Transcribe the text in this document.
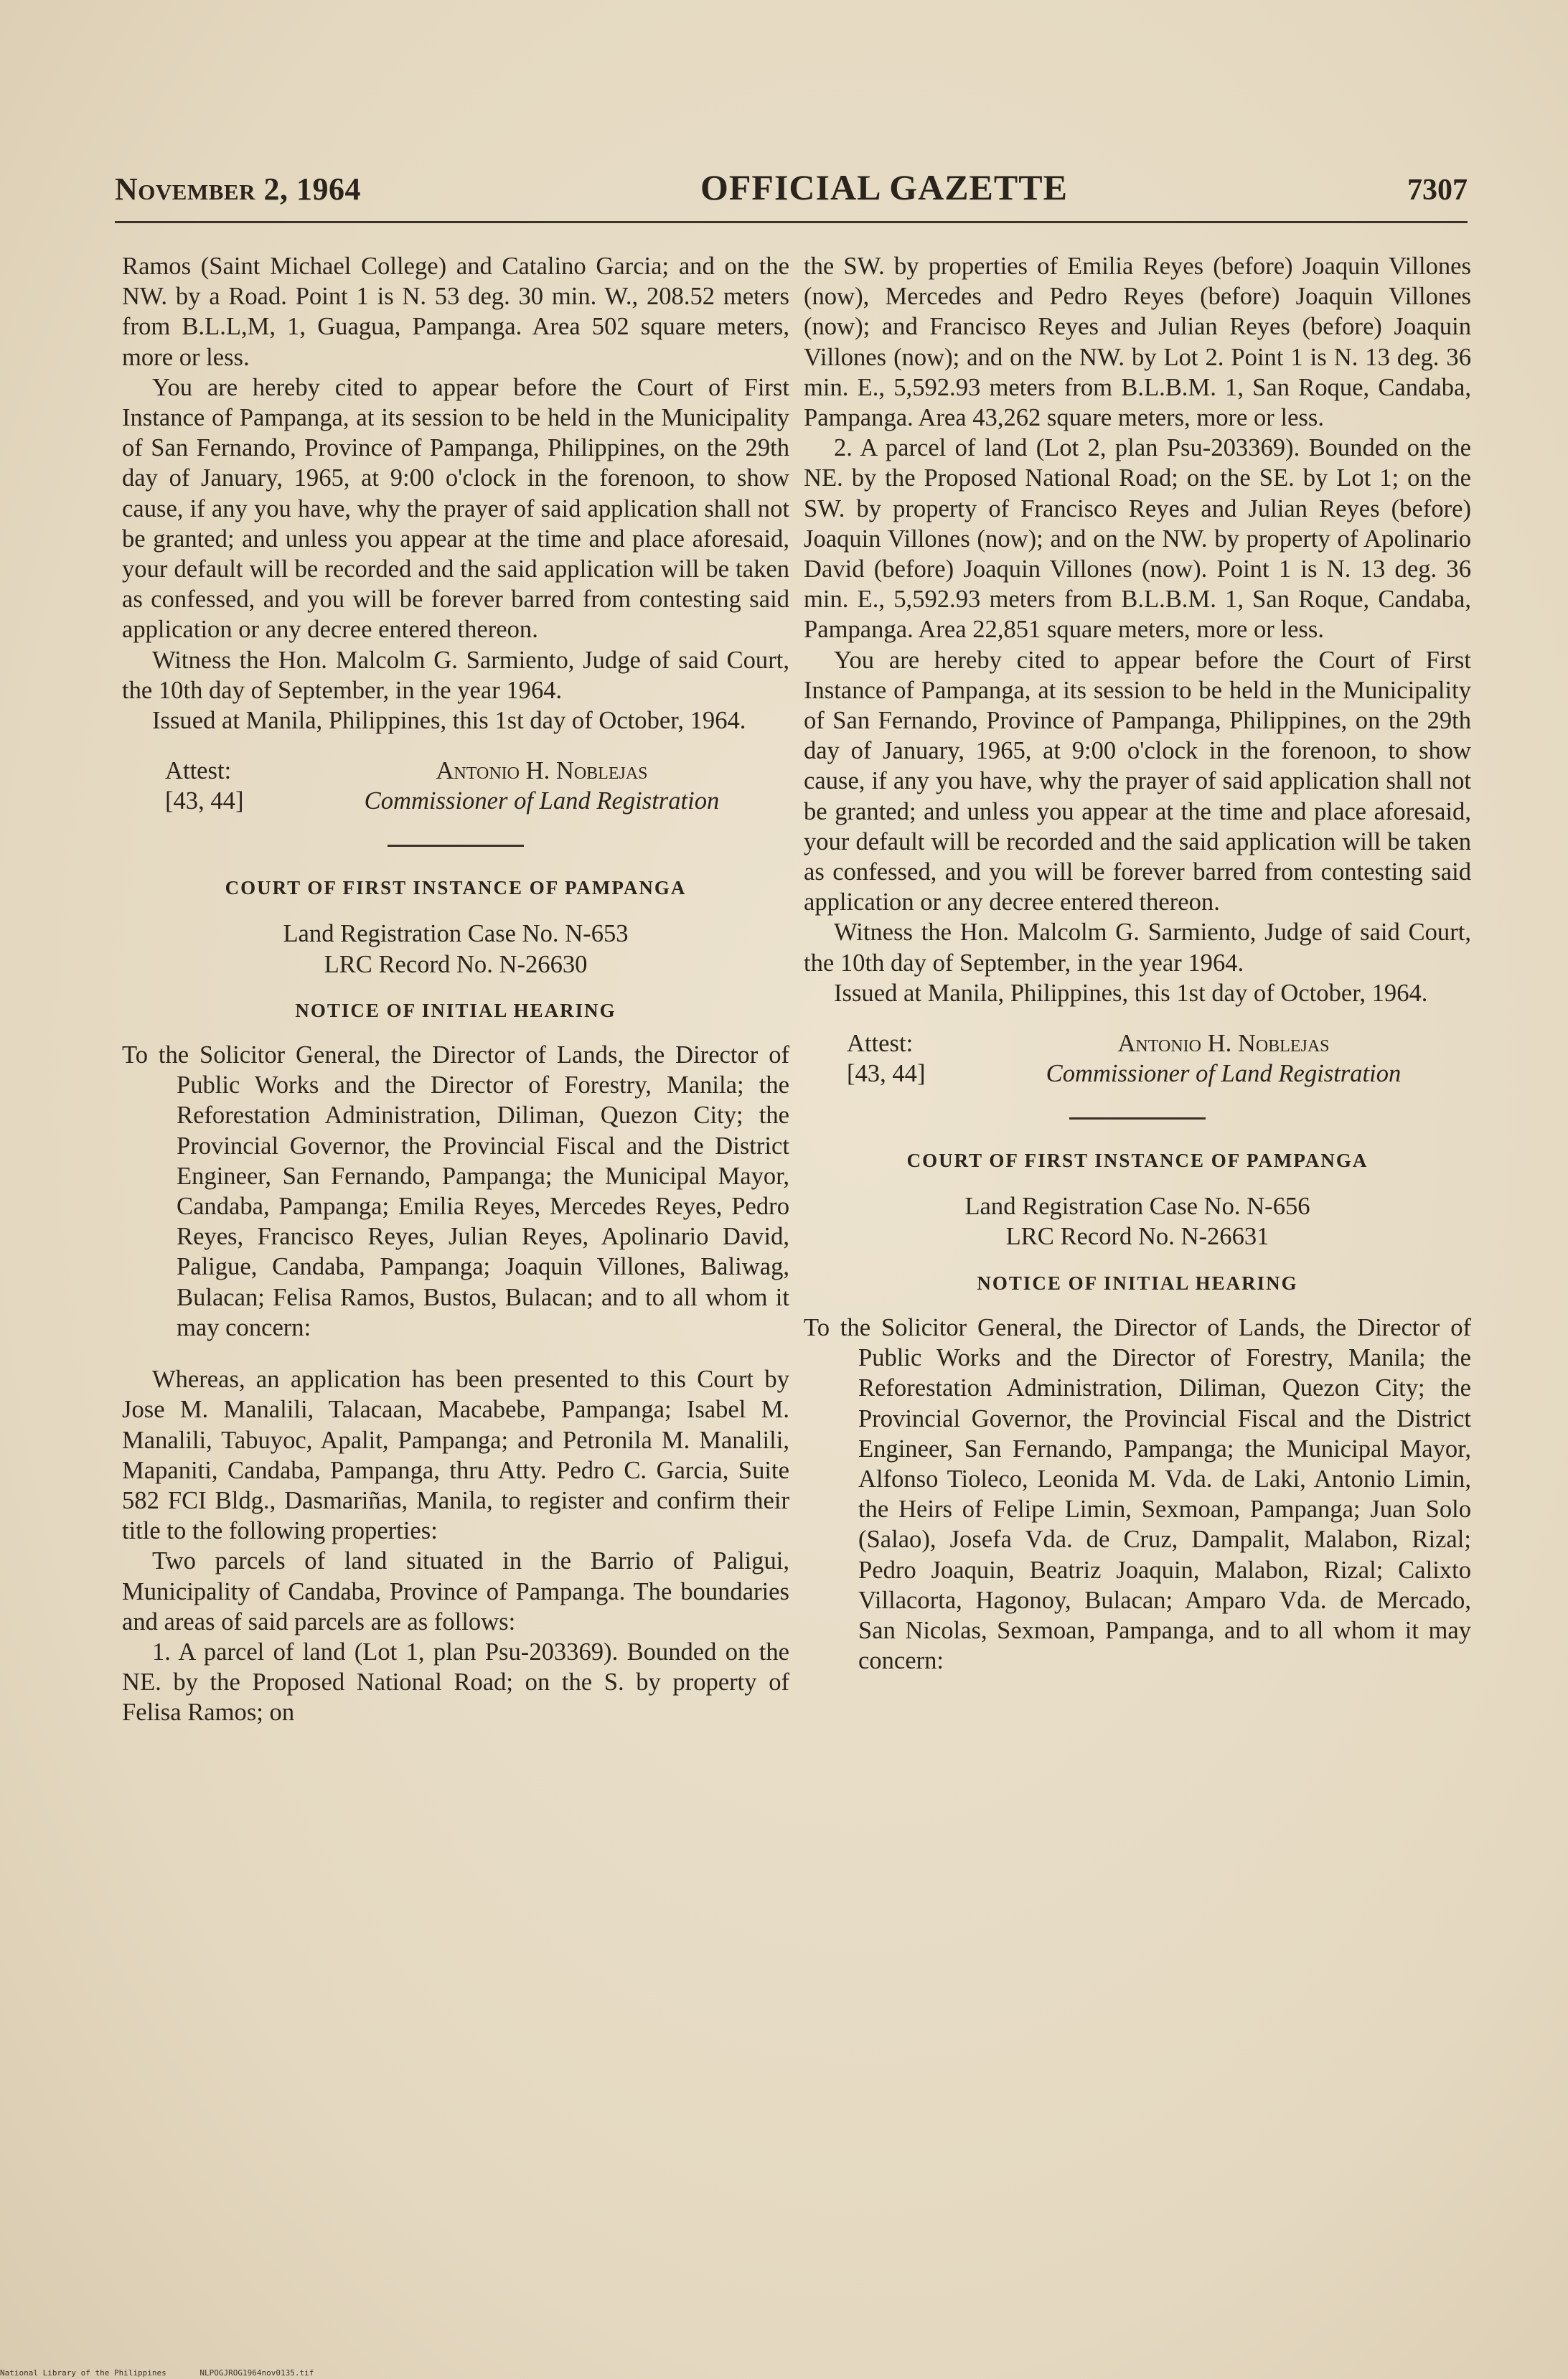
November 2, 1964	OFFICIAL GAZETTE	7307

Ramos (Saint Michael College) and Catalino Garcia; and on the NW. by a Road. Point 1 is N. 53 deg. 30 min. W., 208.52 meters from B.L.L,M, 1, Guagua, Pampanga. Area 502 square meters, more or less.

You are hereby cited to appear before the Court of First Instance of Pampanga, at its session to be held in the Municipality of San Fernando, Province of Pampanga, Philippines, on the 29th day of January, 1965, at 9:00 o'clock in the forenoon, to show cause, if any you have, why the prayer of said application shall not be granted; and unless you appear at the time and place aforesaid, your default will be recorded and the said application will be taken as confessed, and you will be forever barred from contesting said application or any decree entered thereon.

Witness the Hon. Malcolm G. Sarmiento, Judge of said Court, the 10th day of September, in the year 1964.

Issued at Manila, Philippines, this 1st day of October, 1964.

Attest:
[43, 44]
Antonio H. Noblejas
Commissioner of Land Registration

COURT OF FIRST INSTANCE OF PAMPANGA

Land Registration Case No. N-653

LRC Record No. N-26630

NOTICE OF INITIAL HEARING

To the Solicitor General, the Director of Lands, the Director of Public Works and the Director of Forestry, Manila; the Reforestation Administration, Diliman, Quezon City; the Provincial Governor, the Provincial Fiscal and the District Engineer, San Fernando, Pampanga; the Municipal Mayor, Candaba, Pampanga; Emilia Reyes, Mercedes Reyes, Pedro Reyes, Francisco Reyes, Julian Reyes, Apolinario David, Paligue, Candaba, Pampanga; Joaquin Villones, Baliwag, Bulacan; Felisa Ramos, Bustos, Bulacan; and to all whom it may concern:

Whereas, an application has been presented to this Court by Jose M. Manalili, Talacaan, Macabebe, Pampanga; Isabel M. Manalili, Tabuyoc, Apalit, Pampanga; and Petronila M. Manalili, Mapaniti, Candaba, Pampanga, thru Atty. Pedro C. Garcia, Suite 582 FCI Bldg., Dasmariñas, Manila, to register and confirm their title to the following properties:

Two parcels of land situated in the Barrio of Paligui, Municipality of Candaba, Province of Pampanga. The boundaries and areas of said parcels are as follows:

1. A parcel of land (Lot 1, plan Psu-203369). Bounded on the NE. by the Proposed National Road; on the S. by property of Felisa Ramos; on

the SW. by properties of Emilia Reyes (before) Joaquin Villones (now), Mercedes and Pedro Reyes (before) Joaquin Villones (now); and Francisco Reyes and Julian Reyes (before) Joaquin Villones (now); and on the NW. by Lot 2. Point 1 is N. 13 deg. 36 min. E., 5,592.93 meters from B.L.B.M. 1, San Roque, Candaba, Pampanga. Area 43,262 square meters, more or less.

2. A parcel of land (Lot 2, plan Psu-203369). Bounded on the NE. by the Proposed National Road; on the SE. by Lot 1; on the SW. by property of Francisco Reyes and Julian Reyes (before) Joaquin Villones (now); and on the NW. by property of Apolinario David (before) Joaquin Villones (now). Point 1 is N. 13 deg. 36 min. E., 5,592.93 meters from B.L.B.M. 1, San Roque, Candaba, Pampanga. Area 22,851 square meters, more or less.

You are hereby cited to appear before the Court of First Instance of Pampanga, at its session to be held in the Municipality of San Fernando, Province of Pampanga, Philippines, on the 29th day of January, 1965, at 9:00 o'clock in the forenoon, to show cause, if any you have, why the prayer of said application shall not be granted; and unless you appear at the time and place aforesaid, your default will be recorded and the said application will be taken as confessed, and you will be forever barred from contesting said application or any decree entered thereon.

Witness the Hon. Malcolm G. Sarmiento, Judge of said Court, the 10th day of September, in the year 1964.

Issued at Manila, Philippines, this 1st day of October, 1964.

Attest:
[43, 44]
Antonio H. Noblejas
Commissioner of Land Registration

COURT OF FIRST INSTANCE OF PAMPANGA

Land Registration Case No. N-656

LRC Record No. N-26631

NOTICE OF INITIAL HEARING

To the Solicitor General, the Director of Lands, the Director of Public Works and the Director of Forestry, Manila; the Reforestation Administration, Diliman, Quezon City; the Provincial Governor, the Provincial Fiscal and the District Engineer, San Fernando, Pampanga; the Municipal Mayor, Alfonso Tioleco, Leonida M. Vda. de Laki, Antonio Limin, the Heirs of Felipe Limin, Sexmoan, Pampanga; Juan Solo (Salao), Josefa Vda. de Cruz, Dampalit, Malabon, Rizal; Pedro Joaquin, Beatriz Joaquin, Malabon, Rizal; Calixto Villacorta, Hagonoy, Bulacan; Amparo Vda. de Mercado, San Nicolas, Sexmoan, Pampanga, and to all whom it may concern:

National Library of the Philippines	NLPOGJROG1964nov0135.tif
